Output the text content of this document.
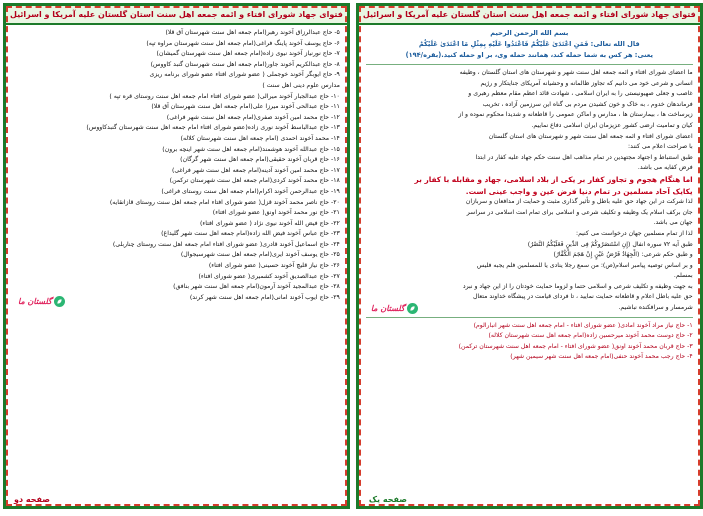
فتوای جهاد شورای افتاء و ائمه جمعه اهل سنت استان گلستان علیه آمریکا و اسرائیل
۵- حاج عبدالرزاق آخوند رهبر(امام جمعه اهل سنت شهرستان آق قلا)
۶- حاج یوسف آخوند پاینگ فراغی(امام جمعه اهل سنت شهرستان مراوه تپه)
۷- حاج نورنیاز آخوند نیوی زاده(امام جمعه اهل سنت شهرستان گمیشان)
۸- حاج عبدالکریم آخوند جاور(امام جمعه اهل سنت شهرستان گنبد کاووس)
۹- حاج ایوبگر آخوند خوجملی ( عضو شورای افتاء عضو شورای برنامه ریزی
مدارس علوم دینی اهل سنت )
۱۰- حاج عبدالجبار آخوند میرالی( عضو شورای افتاء امام جمعه اهل سنت روستای قره تپه )
۱۱- حاج عبدالحی آخوند میرزا علی(امام جمعه اهل سنت شهرستان آق قلا)
۱۲- حاج محمد امین آخوند صفری(امام جمعه اهل سنت شهر فراغی)
۱۳- حاج عبدالباسط آخوند نوری زاده(عضو شورای افتاء امام جمعه اهل سنت شهرستان گنبدکاووس)
۱۴- محمد آخوند احمدی (امام جمعه اهل سنت شهرستان کلاله)
۱۵- حاج عبدالله آخوند هوشمند(امام جمعه اهل سنت شهر اینچه برون)
۱۶- حاج قربان آخوند حقیقی(امام جمعه اهل سنت شهر گرگان)
۱۷- حاج محمد امین آخوند آدینه(امام جمعه اهل سنت شهر فراغی)
۱۸- حاج محمد آخوند کردی(امام جمعه اهل سنت شهرستان ترکمن)
۱۹- حاج عبدالرحمن آخوند اکرام(امام جمعه اهل سنت روستای فراغی)
۲۰- حاج ناصر محمد آخوند قزل( عضو شورای افتاء امام جمعه اهل سنت روستای قازانقایه)
۲۱- حاج نور محمد آخوند اونق( عضو شورای افتاء)
۲۲- حاج فیض الله آخوند نیوی نژاد ( عضو شورای افتاء)
۲۳- حاج عباس آخوند فیض الله زاده(امام جمعه اهل سنت شهر گلیداغ)
۲۴- حاج اسماعیل آخوند قادری( عضو شورای افتاء امام جمعه اهل سنت روستای چناربلی)
۲۵- حاج یوسف آخوند ایری(امام جمعه اهل سنت شهرسیجوال)
۲۶- حاج نیاز قلیچ آخوند حسینی( عضو شورای افتاء)
۲۷- حاج عبدالصدیق آخوند کشمیری( عضو شورای افتاء)
۲۸- حاج عبدالمجید آخوند آرمون(امام جمعه اهل سنت شهر بنافق)
۲۹- حاج ایوب آخوند امانی(امام جمعه اهل سنت شهر کرند)
گلستان ما
صفحه دو
فتوای جهاد شورای افتاء و ائمه جمعه اهل سنت استان گلستان علیه آمریکا و اسرائیل
بسم الله الرحمن الرحیم
قال الله تعالی: فَمَنِ اعْتَدَیٰ عَلَیْکُمْ فَاعْتَدُوا عَلَیْهِ بِمِثْلِ مَا اعْتَدَیٰ عَلَیْکُمْ
یعنی: هر کس به شما حمله کند، همانند حمله وی، بر او حمله کنید.(بقره/۱۹۴)
ما اعضای شورای افتاء و ائمه جمعه اهل سنت شهر و شهرستان های استان گلستان ، وظیفه
انسانی و شرعی خود می دانیم که تجاوز ظالمانه و وحشیانه آمریکای جنایتکار و رژیم
غاصب و جعلی صهیونیستی را به ایران اسلامی ، شهادت قائد اعظم مقام معظم رهبری و
فرماندهان خدوم ، به خاک و خون کشیدن مردم بی گناه این سرزمین آزاده ، تخریب
زیرساخت ها ، بیمارستان ها ، مدارس و اماکن عمومی را قاطعانه و شدیدا محکوم نموده و از
کیان و تمامیت ارضی کشور عزیزمان ایران اسلامی دفاع نماییم.
اعضای شورای افتاء و ائمه جمعه اهل سنت شهر و شهرستان های استان گلستان
با صراحت اعلام می کنند:
طبق استنباط و اجتهاد مجتهدین در تمام مذاهب اهل سنت حکم جهاد علیه کفار در ابتدا
فرض کفایه می باشد.
اما هنگام هجوم و تجاوز کفار بر یکی از بلاد اسلامی، جهاد و مقابله با کفار بر
یکایک آحاد مسلمین در تمام دنیا فرض عین و واجب عینی است.
لذا شرکت در این جهاد حق علیه باطل و تأثیر گذاری مثبت و حمایت از مدافعان و سربازان
جان برکف اسلام یک وظیفه و تکلیف شرعی و اسلامی برای تمام امت اسلامی در سراسر
جهان می باشد.
لذا از تمام مسلمین جهان درخواست می کنیم:
طبق آیه ۷۲ سوره انفال (إِنِ اسْتَنصَرُوکُمْ فِی الدِّینِ فَعَلَیْکُمُ النَّصْرُ)
و طبق حکم شرعی: (الْجِهَادُ فَرْضُ عَیْنٍ إِنْ هَجَمَ الْکُفَّارُ)
و بر اساس توصیه پیامبر اسلام(ص): من سمع رجلا ینادی یا للمسلمین فلم یجبه فلیس
بمسلم.
به جهت وظیفه و تکلیف شرعی و اسلامی حتما و لزوما حمایت خودتان را از این جهاد و نبرد
حق علیه باطل اعلام و قاطعانه حمایت نمایید ، تا فردای قیامت در پیشگاه خداوند متعال
شرمسار و سرافکنده نباشیم.
۱- حاج نیاز مراد آخوند امادی( عضو شورای افتاء - امام جمعه اهل سنت شهر انبارالوم)
۲- حاج دوست محمد آخوند میرحسین زاده(امام جمعه اهل سنت شهرستان کلاله)
۳- حاج قربان محمد آخوند اونق( عضو شورای افتاء - امام جمعه اهل سنت شهرستان ترکمن)
۴- حاج رجب محمد آخوند حنفی(امام جمعه اهل سنت شهر سیمین شهر)
گلستان ما
صفحه یک
